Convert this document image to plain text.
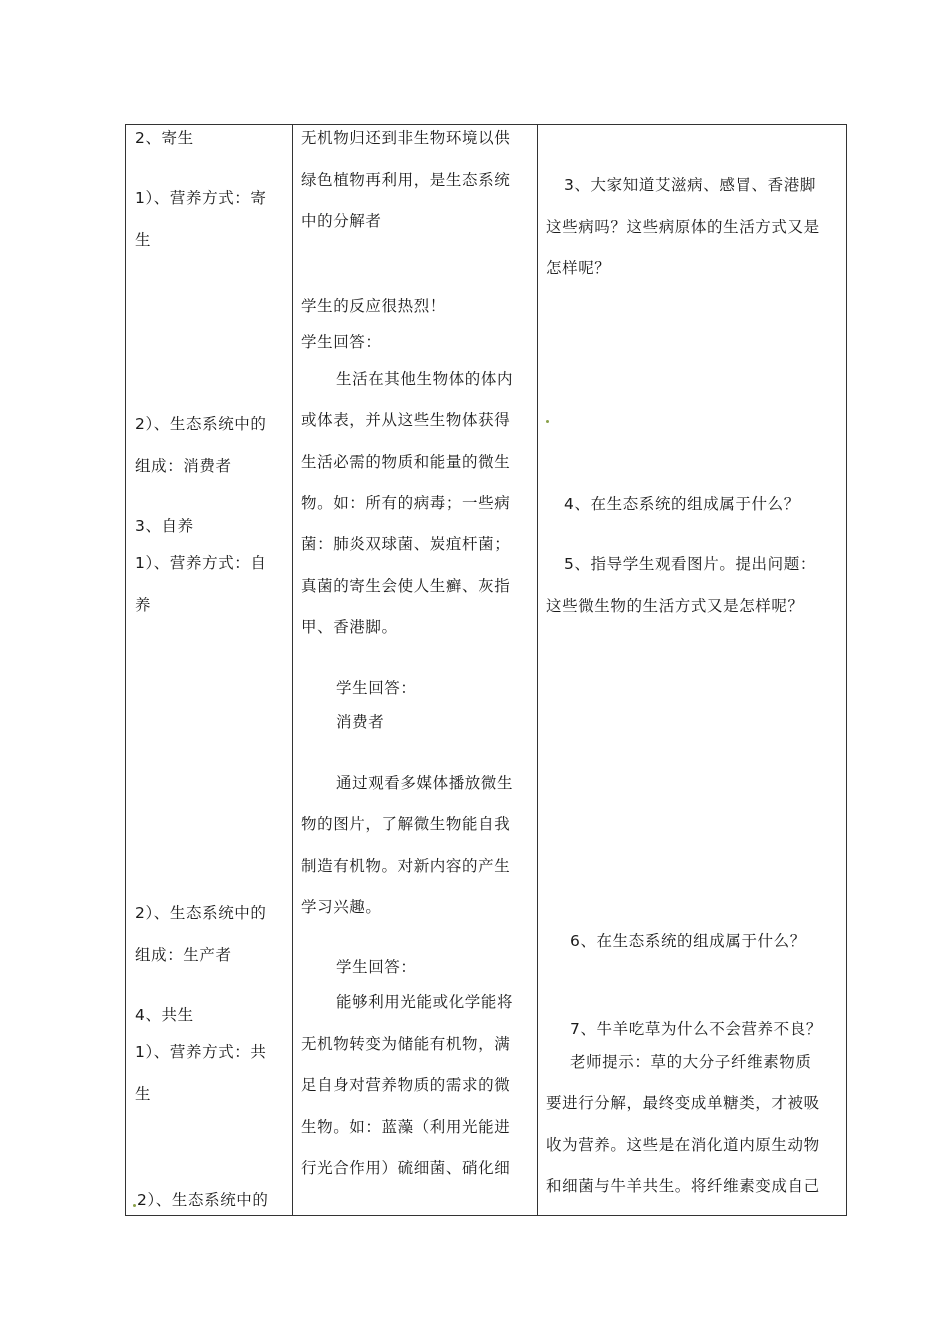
2、寄生
1）、营养方式：寄
生
2）、生态系统中的
组成：消费者
3、自养
1）、营养方式：自
养
2）、生态系统中的
组成：生产者
4、共生
1）、营养方式：共
生
2）、生态系统中的
无机物归还到非生物环境以供
绿色植物再利用，是生态系统
中的分解者
学生的反应很热烈！
学生回答：
生活在其他生物体的体内
或体表，并从这些生物体获得
生活必需的物质和能量的微生
物。如：所有的病毒；一些病
菌：肺炎双球菌、炭疽杆菌；
真菌的寄生会使人生癣、灰指
甲、香港脚。
学生回答：
消费者
通过观看多媒体播放微生
物的图片，了解微生物能自我
制造有机物。对新内容的产生
学习兴趣。
学生回答：
能够利用光能或化学能将
无机物转变为储能有机物，满
足自身对营养物质的需求的微
生物。如：蓝藻（利用光能进
行光合作用）硫细菌、硝化细
3、大家知道艾滋病、感冒、香港脚
这些病吗？这些病原体的生活方式又是
怎样呢？
4、在生态系统的组成属于什么？
5、指导学生观看图片。提出问题：
这些微生物的生活方式又是怎样呢？
6、在生态系统的组成属于什么？
7、牛羊吃草为什么不会营养不良？
老师提示：草的大分子纤维素物质
要进行分解，最终变成单糖类，才被吸
收为营养。这些是在消化道内原生动物
和细菌与牛羊共生。将纤维素变成自己
